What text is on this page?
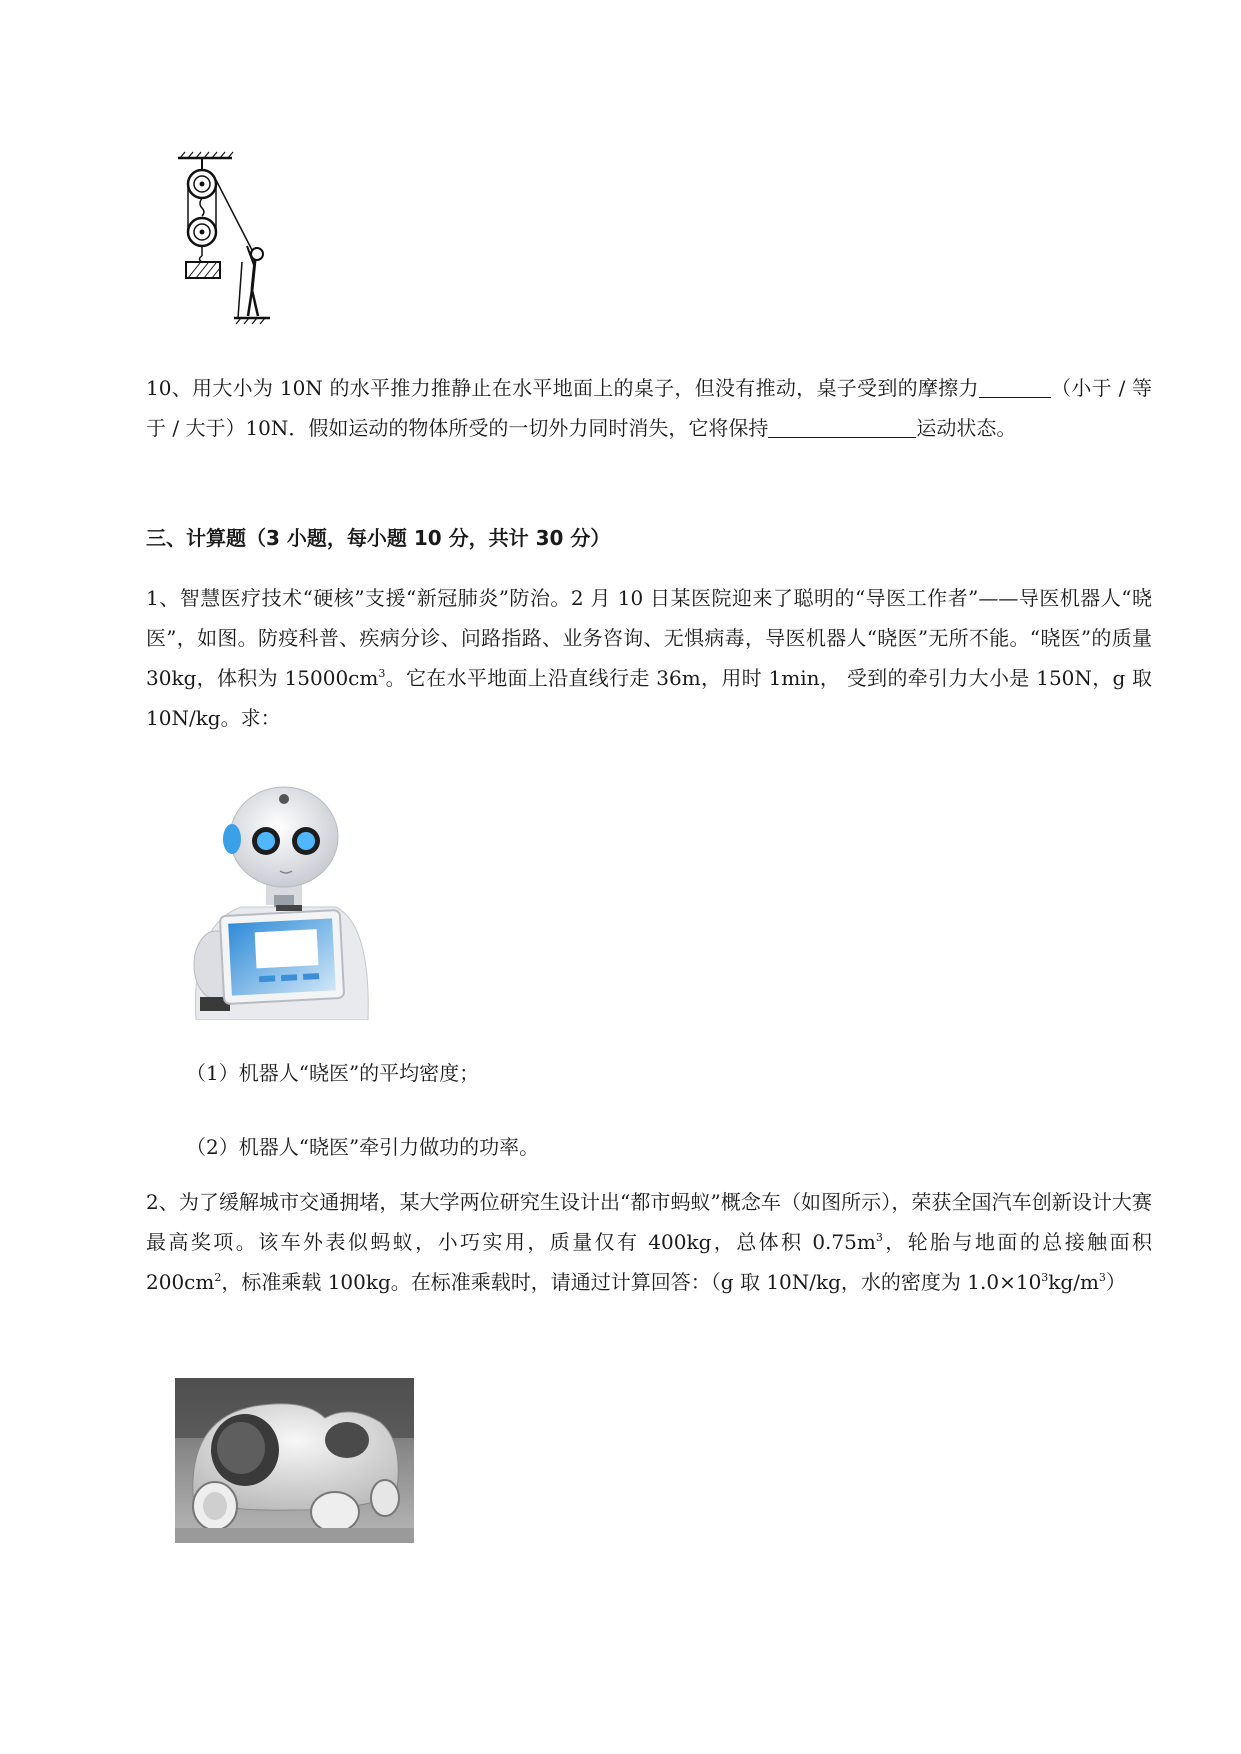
10、用大小为 10N 的水平推力推静止在水平地面上的桌子，但没有推动，桌子受到的摩擦力	（小于 / 等于 / 大于）10N．假如运动的物体所受的一切外力同时消失，它将保持	运动状态。
三、计算题（3 小题，每小题 10 分，共计 30 分）
1、智慧医疗技术“硬核”支援“新冠肺炎”防治。2 月 10 日某医院迎来了聪明的“导医工作者”——导医机器人“晓医”，如图。防疫科普、疾病分诊、问路指路、业务咨询、无惧病毒，导医机器人“晓医”无所不能。“晓医”的质量 30kg，体积为 $15000cm^3$。它在水平地面上沿直线行走 36m，用时 1min， 受到的牵引力大小是 150N，g 取 10N/kg。求：
（1）机器人“晓医”的平均密度；
（2）机器人“晓医”牵引力做功的功率。
2、为了缓解城市交通拥堵，某大学两位研究生设计出“都市蚂蚁”概念车（如图所示），荣获全国汽车创新设计大赛最高奖项。该车外表似蚂蚁，小巧实用，质量仅有 400kg，总体积 $0.75m^3$，轮胎与地面的总接触面积 $200cm^2$，标准乘载 100kg。在标准乘载时，请通过计算回答：（g 取 10N/kg，水的密度为 $1.0\times 10^3kg/m^3$）
